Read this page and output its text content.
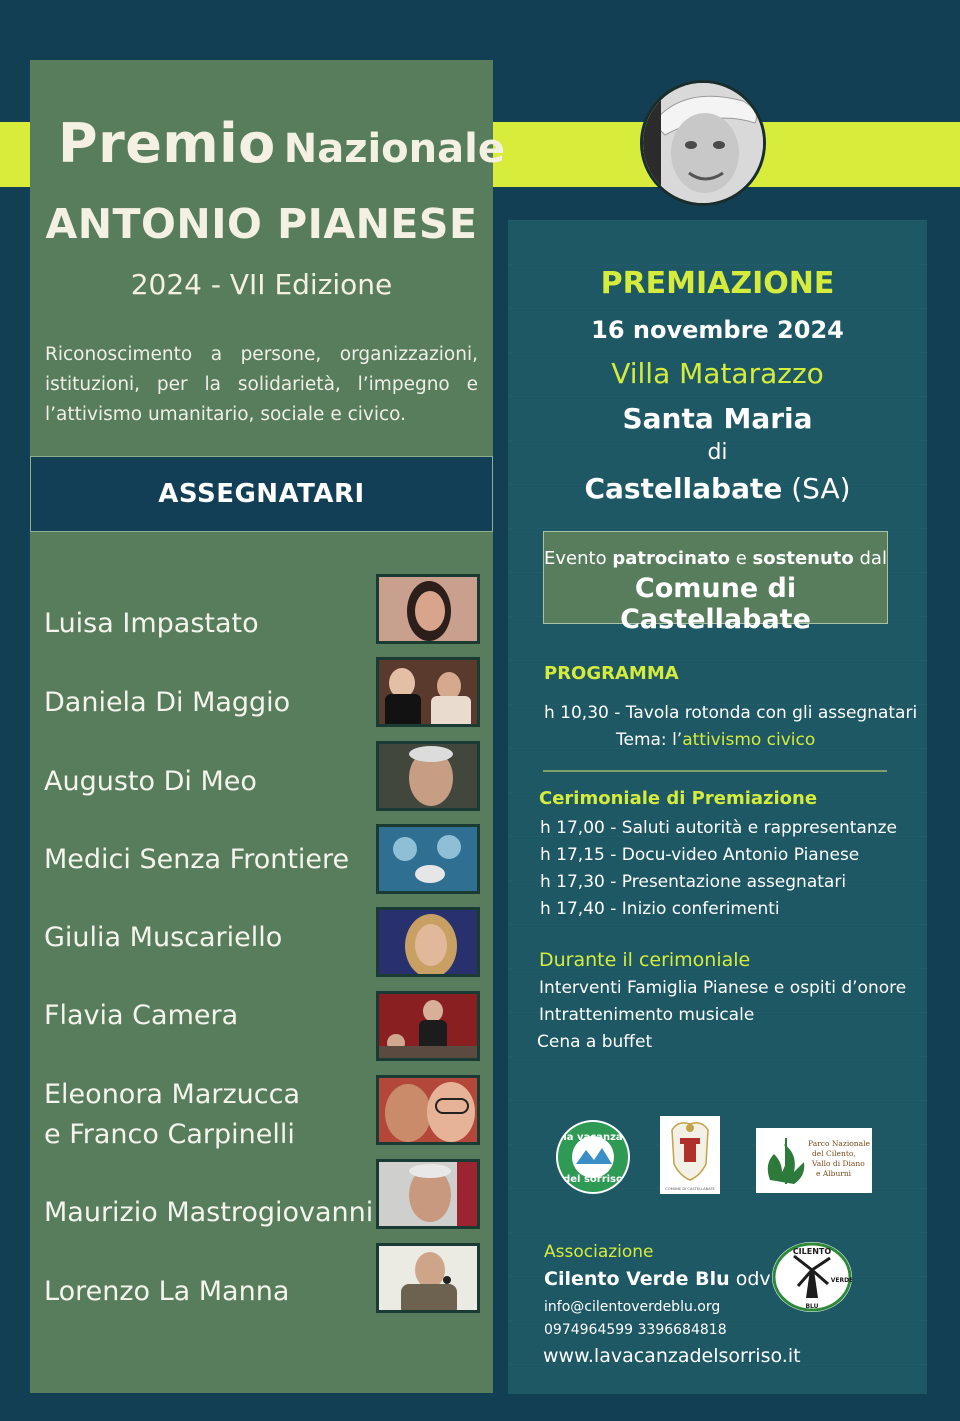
Premio Nazionale
ANTONIO PIANESE
2024 - VII Edizione
Riconoscimento a persone, organizzazioni, istituzioni, per la solidarietà, l’impegno e l’attivismo umanitario, sociale e civico.
ASSEGNATARI
Luisa Impastato
Daniela Di Maggio
Augusto Di Meo
Medici Senza Frontiere
Giulia Muscariello
Flavia Camera
Eleonora Marzucca
e Franco Carpinelli
Maurizio Mastrogiovanni
Lorenzo La Manna
PREMIAZIONE
16 novembre 2024
Villa Matarazzo
Santa Maria
di
Castellabate (SA)
Evento patrocinato e sostenuto dal
Comune di Castellabate
PROGRAMMA
h 10,30 - Tavola rotonda con gli assegnatari
Tema: l’attivismo civico
Cerimoniale di Premiazione
h 17,00 - Saluti autorità e rappresentanze
h 17,15 - Docu-video Antonio Pianese
h 17,30 - Presentazione assegnatari
h 17,40 - Inizio conferimenti
Durante il cerimoniale
Interventi Famiglia Pianese e ospiti d’onore
Intrattenimento musicale
Cena a buffet
la vacanza
del sorriso
COMUNE DI CASTELLABATE
Parco Nazionale
del Cilento,
Vallo di Diano
e Alburni
Associazione
Cilento Verde Blu odv
info@cilentoverdeblu.org
0974964599 3396684818
www.lavacanzadelsorriso.it
CILENTO
VERDE
BLU
